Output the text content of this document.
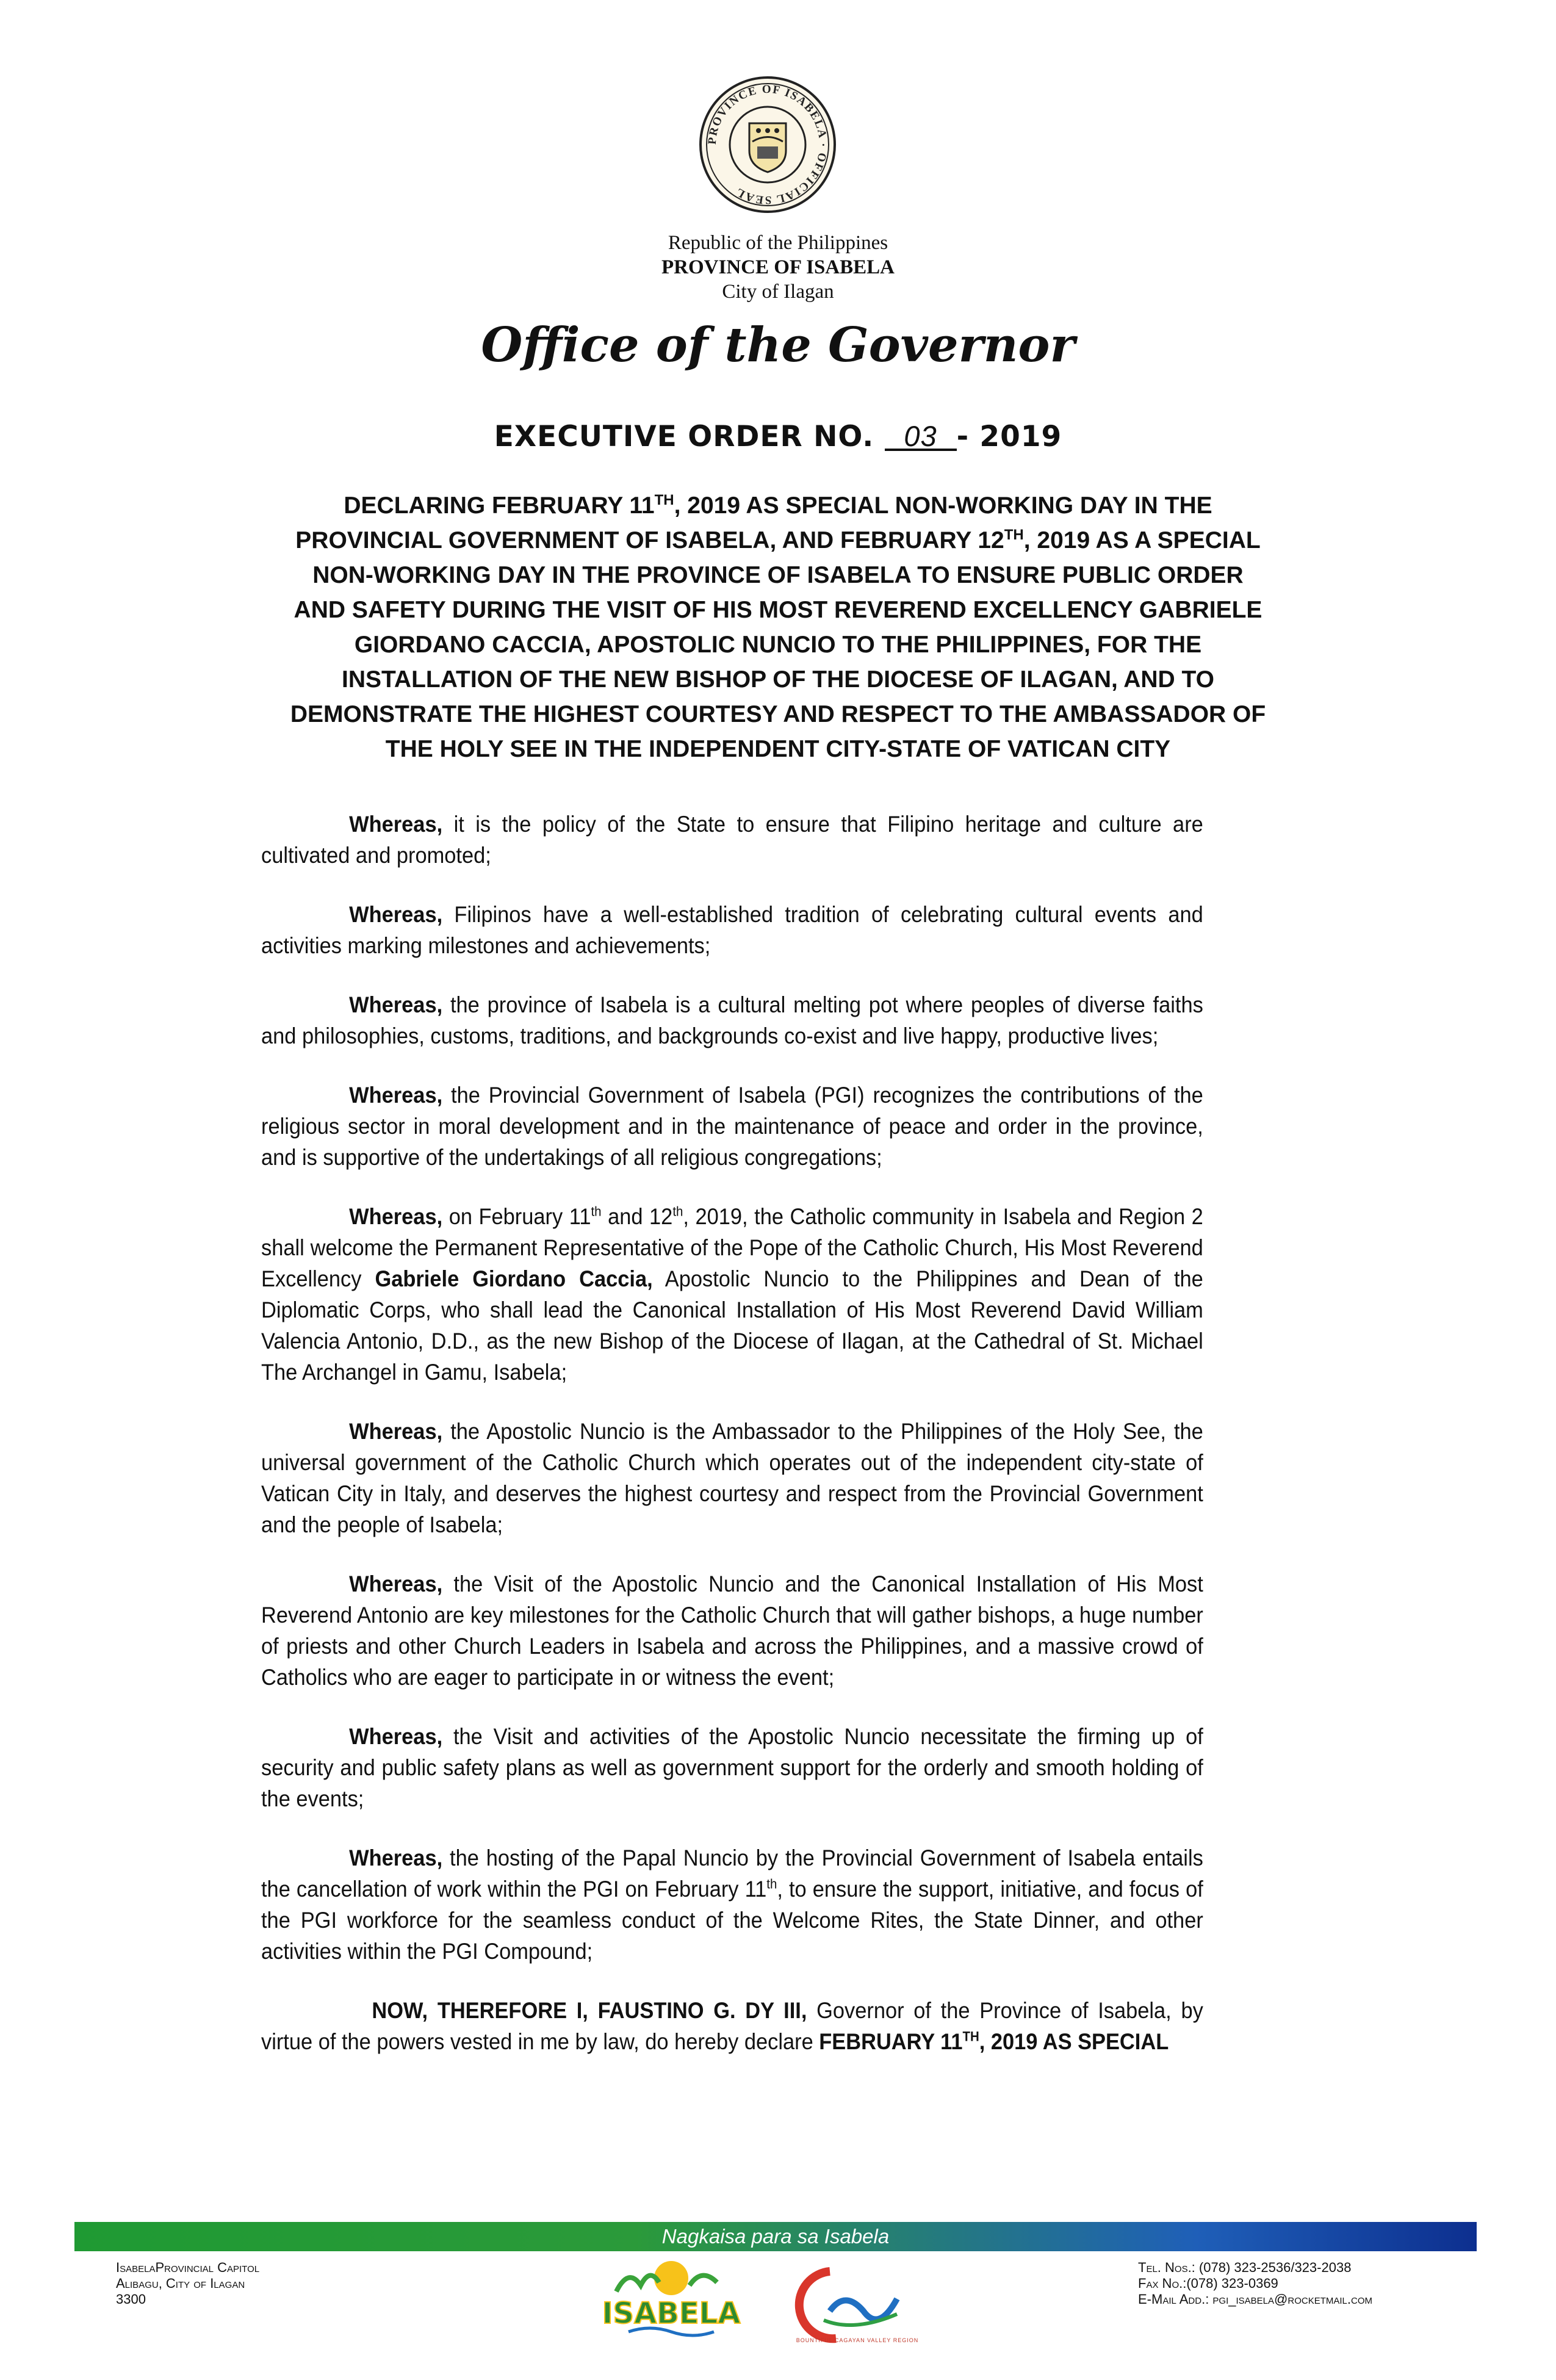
PROVINCE OF ISABELA · OFFICIAL SEAL
Republic of the Philippines
PROVINCE OF ISABELA
City of Ilagan
Office of the Governor
EXECUTIVE ORDER NO. 03 - 2019
DECLARING FEBRUARY 11TH, 2019 AS SPECIAL NON-WORKING DAY IN THE PROVINCIAL GOVERNMENT OF ISABELA, AND FEBRUARY 12TH, 2019 AS A SPECIAL NON-WORKING DAY IN THE PROVINCE OF ISABELA TO ENSURE PUBLIC ORDER AND SAFETY DURING THE VISIT OF HIS MOST REVEREND EXCELLENCY GABRIELE GIORDANO CACCIA, APOSTOLIC NUNCIO TO THE PHILIPPINES, FOR THE INSTALLATION OF THE NEW BISHOP OF THE DIOCESE OF ILAGAN, AND TO DEMONSTRATE THE HIGHEST COURTESY AND RESPECT TO THE AMBASSADOR OF THE HOLY SEE IN THE INDEPENDENT CITY-STATE OF VATICAN CITY

Whereas, it is the policy of the State to ensure that Filipino heritage and culture are cultivated and promoted;

Whereas, Filipinos have a well-established tradition of celebrating cultural events and activities marking milestones and achievements;

Whereas, the province of Isabela is a cultural melting pot where peoples of diverse faiths and philosophies, customs, traditions, and backgrounds co-exist and live happy, productive lives;

Whereas, the Provincial Government of Isabela (PGI) recognizes the contributions of the religious sector in moral development and in the maintenance of peace and order in the province, and is supportive of the undertakings of all religious congregations;

Whereas, on February 11th and 12th, 2019, the Catholic community in Isabela and Region 2 shall welcome the Permanent Representative of the Pope of the Catholic Church, His Most Reverend Excellency Gabriele Giordano Caccia, Apostolic Nuncio to the Philippines and Dean of the Diplomatic Corps, who shall lead the Canonical Installation of His Most Reverend David William Valencia Antonio, D.D., as the new Bishop of the Diocese of Ilagan, at the Cathedral of St. Michael The Archangel in Gamu, Isabela;

Whereas, the Apostolic Nuncio is the Ambassador to the Philippines of the Holy See, the universal government of the Catholic Church which operates out of the independent city-state of Vatican City in Italy, and deserves the highest courtesy and respect from the Provincial Government and the people of Isabela;

Whereas, the Visit of the Apostolic Nuncio and the Canonical Installation of His Most Reverend Antonio are key milestones for the Catholic Church that will gather bishops, a huge number of priests and other Church Leaders in Isabela and across the Philippines, and a massive crowd of Catholics who are eager to participate in or witness the event;

Whereas, the Visit and activities of the Apostolic Nuncio necessitate the firming up of security and public safety plans as well as government support for the orderly and smooth holding of the events;

Whereas, the hosting of the Papal Nuncio by the Provincial Government of Isabela entails the cancellation of work within the PGI on February 11th, to ensure the support, initiative, and focus of the PGI workforce for the seamless conduct of the Welcome Rites, the State Dinner, and other activities within the PGI Compound;

NOW, THEREFORE I, FAUSTINO G. DY III, Governor of the Province of Isabela, by virtue of the powers vested in me by law, do hereby declare FEBRUARY 11TH, 2019 AS SPECIAL

Nagkaisa para sa Isabela
IsabelaProvincial Capitol
Alibagu, City of Ilagan
3300	ISABELA
BOUNTIFUL CAGAYAN VALLEY REGION
Tel. Nos.: (078) 323-2536/323-2038
Fax No.:(078) 323-0369
E-Mail Add.: pgi_isabela@rocketmail.com
